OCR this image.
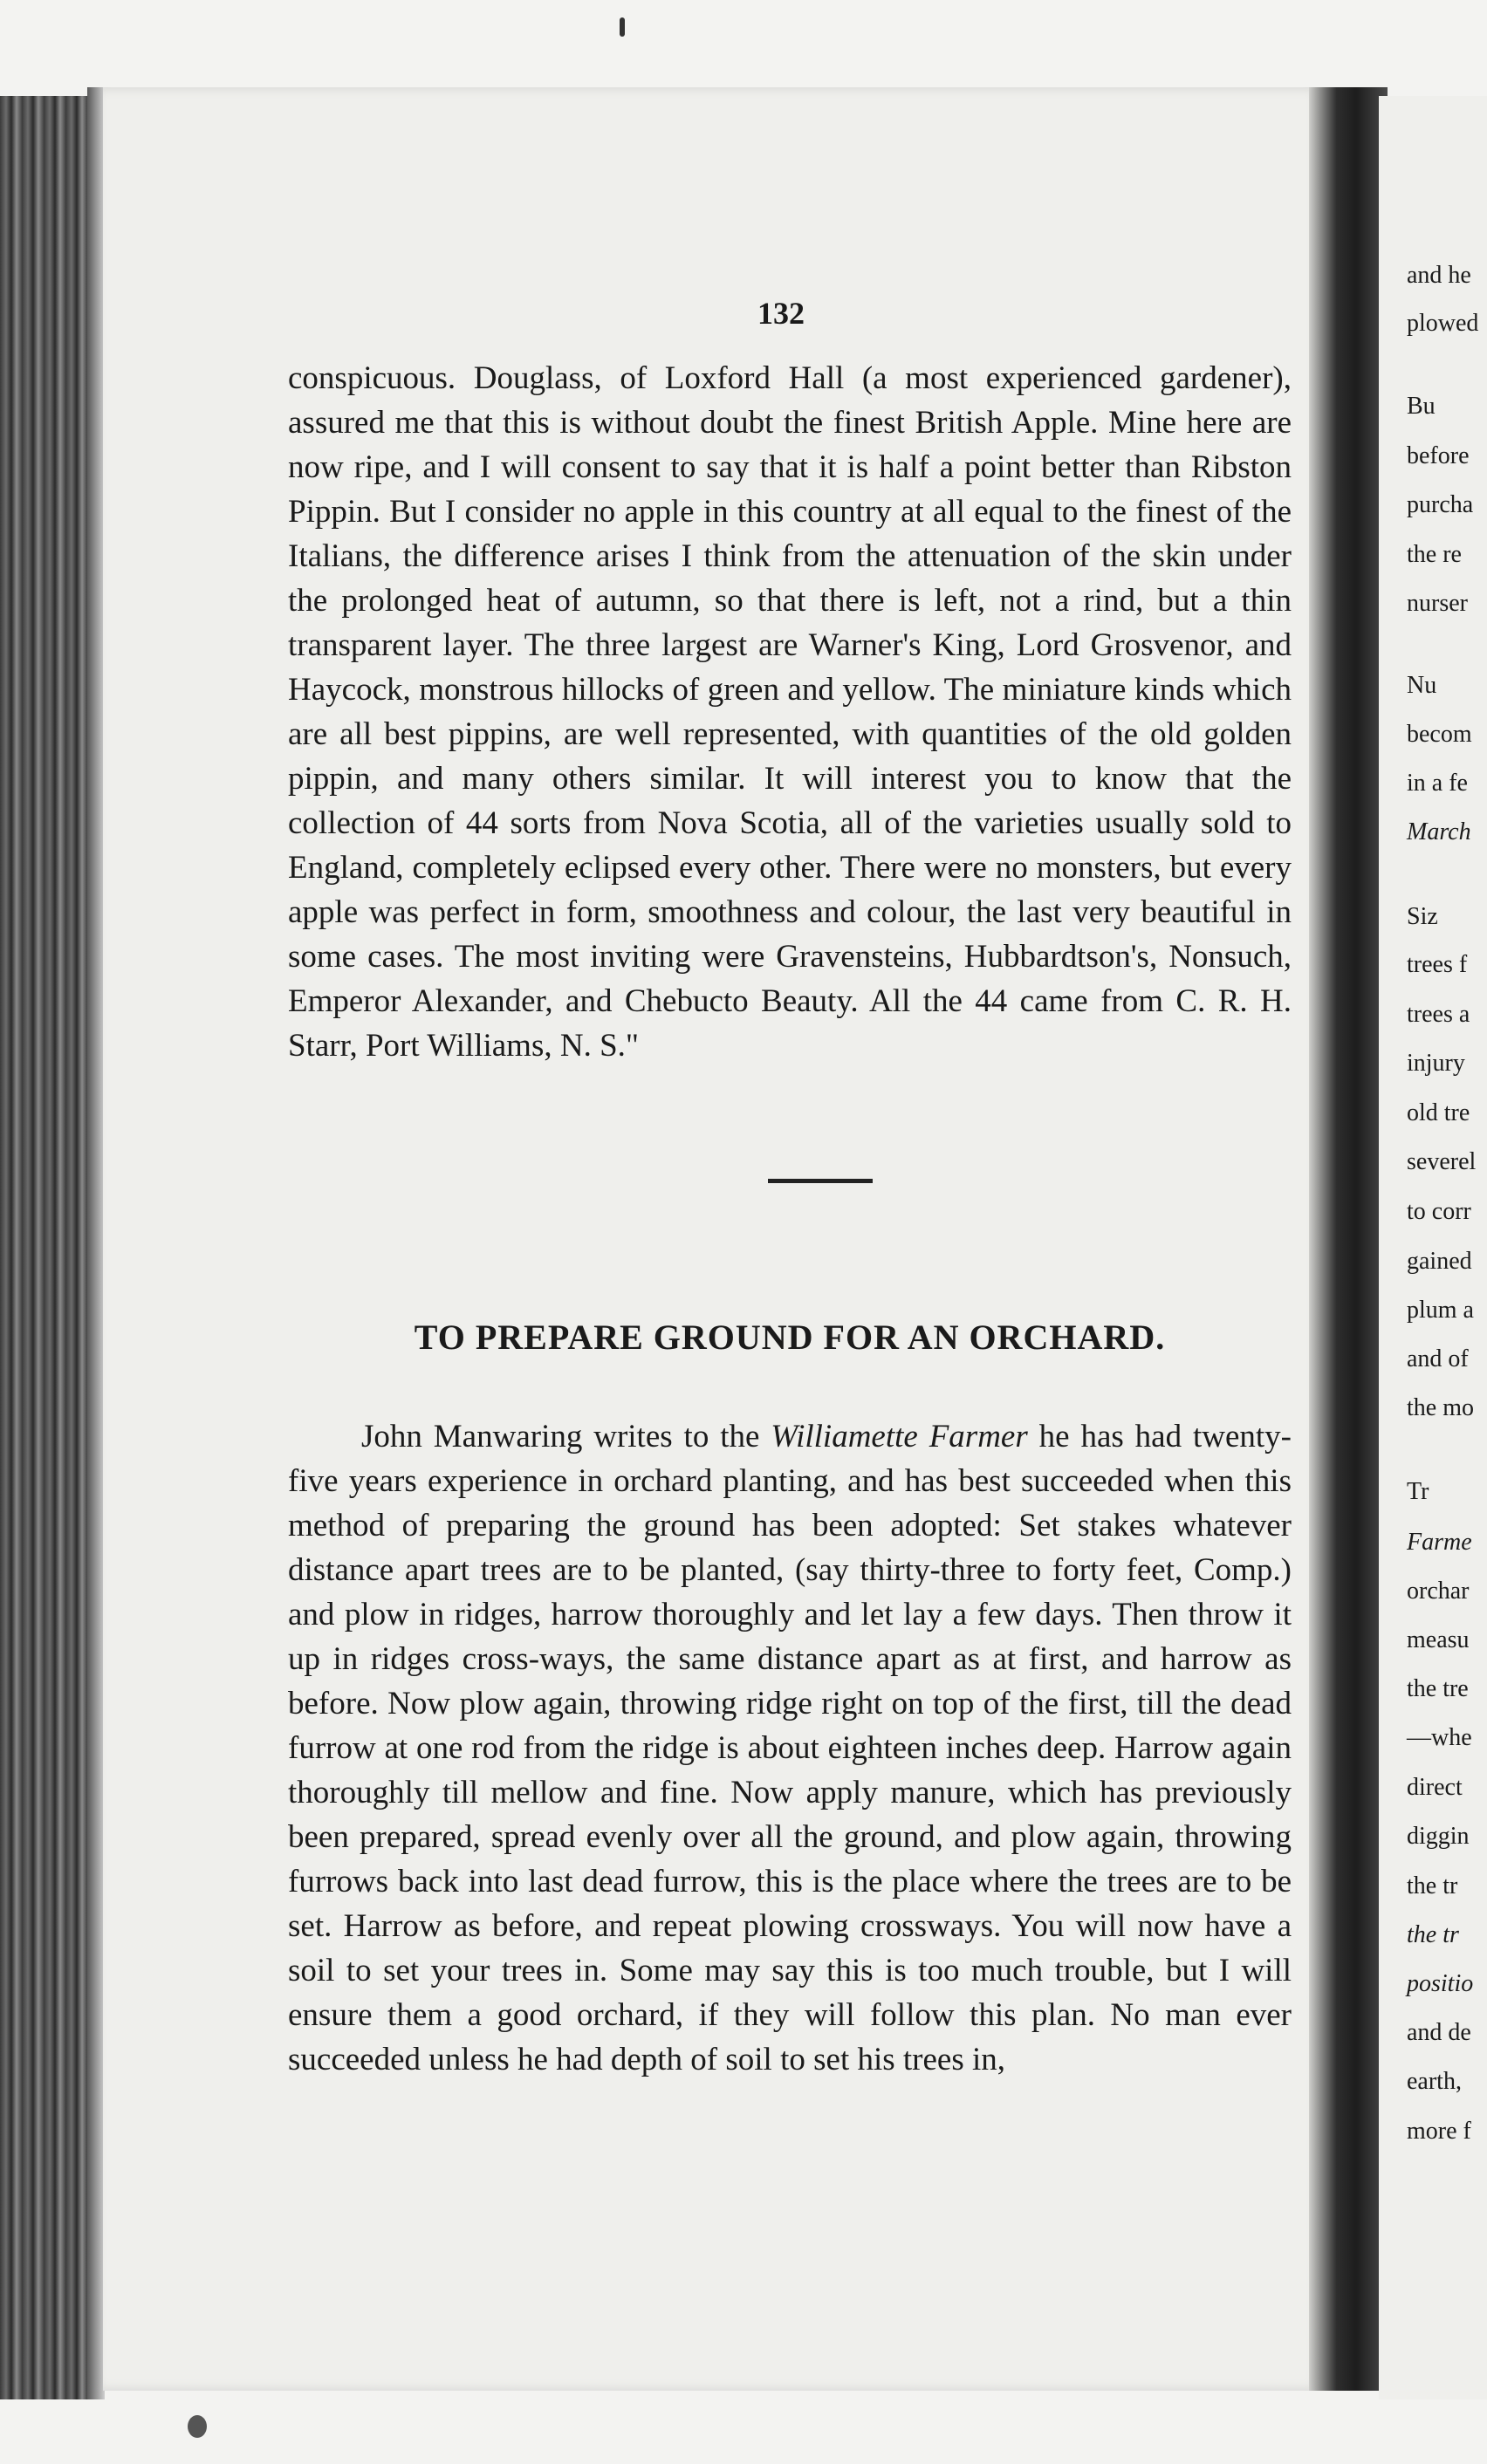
and he
plowed
Bu
before
purcha
the re
nurser
Nu
becom
in a fe
March
Siz
trees f
trees a
injury
old tre
severel
to corr
gained
plum a
and of
the mo
Tr
Farme
orchar
measu
the tre
—whe
direct
diggin
the tr
the tr
positio
and de
earth,
more f
132
conspicuous. Douglass, of Loxford Hall (a most experienced gardener), assured me that this is without doubt the finest British Apple. Mine here are now ripe, and I will consent to say that it is half a point better than Ribston Pippin. But I consider no apple in this country at all equal to the finest of the Italians, the difference arises I think from the attenuation of the skin under the prolonged heat of autumn, so that there is left, not a rind, but a thin transparent layer. The three largest are Warner's King, Lord Grosvenor, and Haycock, monstrous hillocks of green and yellow. The miniature kinds which are all best pippins, are well represented, with quantities of the old golden pippin, and many others similar. It will interest you to know that the collection of 44 sorts from Nova Scotia, all of the varieties usually sold to England, completely eclipsed every other. There were no monsters, but every apple was perfect in form, smoothness and colour, the last very beautiful in some cases. The most inviting were Gravensteins, Hubbardtson's, Nonsuch, Emperor Alexander, and Chebucto Beauty. All the 44 came from C. R. H. Starr, Port Williams, N. S."
TO PREPARE GROUND FOR AN ORCHARD.
John Manwaring writes to the Williamette Farmer he has had twenty-five years experience in orchard planting, and has best succeeded when this method of preparing the ground has been adopted: Set stakes whatever distance apart trees are to be planted, (say thirty-three to forty feet, Comp.) and plow in ridges, harrow thoroughly and let lay a few days. Then throw it up in ridges cross-ways, the same distance apart as at first, and harrow as before. Now plow again, throwing ridge right on top of the first, till the dead furrow at one rod from the ridge is about eighteen inches deep. Harrow again thoroughly till mellow and fine. Now apply manure, which has previously been prepared, spread evenly over all the ground, and plow again, throwing furrows back into last dead furrow, this is the place where the trees are to be set. Harrow as before, and repeat plowing crossways. You will now have a soil to set your trees in. Some may say this is too much trouble, but I will ensure them a good orchard, if they will follow this plan. No man ever succeeded unless he had depth of soil to set his trees in,
